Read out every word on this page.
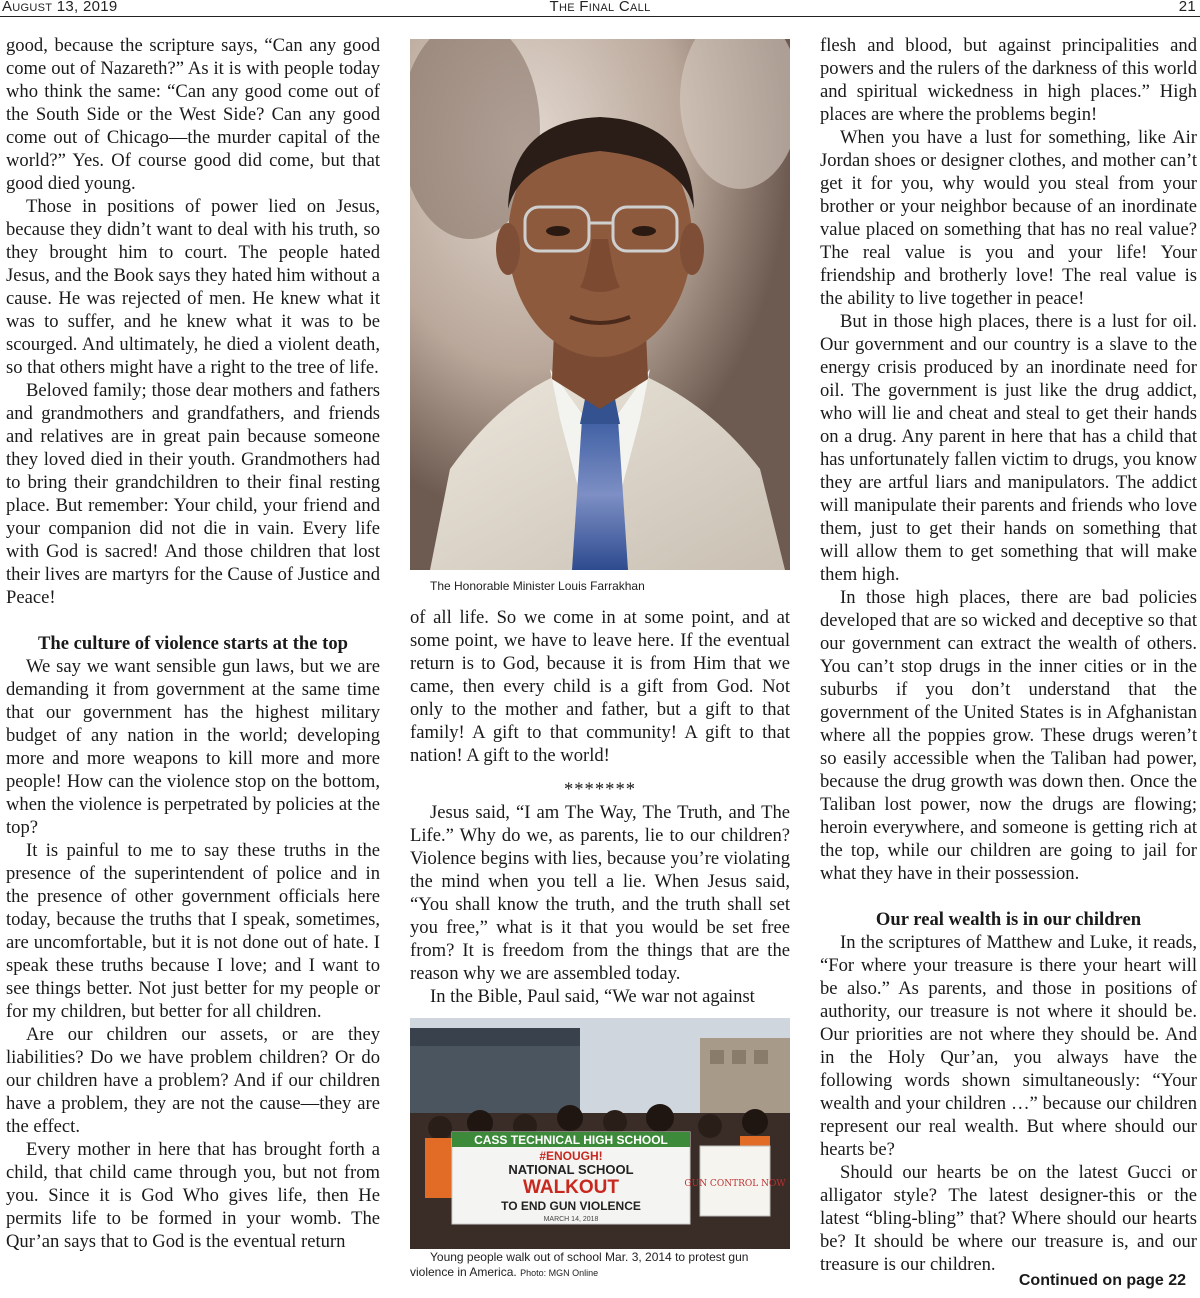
August 13, 2019	The Final Call	21

good, because the scripture says, “Can any good come out of Nazareth?” As it is with people today who think the same: “Can any good come out of the South Side or the West Side? Can any good come out of Chicago—the murder capital of the world?” Yes. Of course good did come, but that good died young.

Those in positions of power lied on Jesus, because they didn’t want to deal with his truth, so they brought him to court. The people hated Jesus, and the Book says they hated him without a cause. He was rejected of men. He knew what it was to suffer, and he knew what it was to be scourged. And ultimately, he died a violent death, so that others might have a right to the tree of life.

Beloved family; those dear mothers and fathers and grandmothers and grandfathers, and friends and relatives are in great pain because someone they loved died in their youth. Grandmothers had to bring their grandchildren to their final resting place. But remember: Your child, your friend and your companion did not die in vain. Every life with God is sacred! And those children that lost their lives are martyrs for the Cause of Justice and Peace!

The culture of violence starts at the top

We say we want sensible gun laws, but we are demanding it from government at the same time that our government has the highest military budget of any nation in the world; developing more and more weapons to kill more and more people! How can the violence stop on the bottom, when the violence is perpetrated by policies at the top?

It is painful to me to say these truths in the presence of the superintendent of police and in the presence of other government officials here today, because the truths that I speak, sometimes, are uncomfortable, but it is not done out of hate. I speak these truths because I love; and I want to see things better. Not just better for my people or for my children, but better for all children.

Are our children our assets, or are they liabilities? Do we have problem children? Or do our children have a problem? And if our children have a problem, they are not the cause—they are the effect.

Every mother in here that has brought forth a child, that child came through you, but not from you. Since it is God Who gives life, then He permits life to be formed in your womb. The Qur’an says that to God is the eventual return

The Honorable Minister Louis Farrakhan

of all life. So we come in at some point, and at some point, we have to leave here. If the eventual return is to God, because it is from Him that we came, then every child is a gift from God. Not only to the mother and father, but a gift to that family! A gift to that community! A gift to that nation! A gift to the world!

*******

Jesus said, “I am The Way, The Truth, and The Life.” Why do we, as parents, lie to our children? Violence begins with lies, because you’re violating the mind when you tell a lie. When Jesus said, “You shall know the truth, and the truth shall set you free,” what is it that you would be set free from? It is freedom from the things that are the reason why we are assembled today.

In the Bible, Paul said, “We war not against

CASS TECHNICAL HIGH SCHOOL
#ENOUGH!
NATIONAL SCHOOL
WALKOUT
TO END GUN VIOLENCE
MARCH 14, 2018
GUN CONTROL NOW

Young people walk out of school Mar. 3, 2014 to protest gun violence in America. Photo: MGN Online

flesh and blood, but against principalities and powers and the rulers of the darkness of this world and spiritual wickedness in high places.” High places are where the problems begin!

When you have a lust for something, like Air Jordan shoes or designer clothes, and mother can’t get it for you, why would you steal from your brother or your neighbor because of an inordinate value placed on something that has no real value? The real value is you and your life! Your friendship and brotherly love! The real value is the ability to live together in peace!

But in those high places, there is a lust for oil. Our government and our country is a slave to the energy crisis produced by an inordinate need for oil. The government is just like the drug addict, who will lie and cheat and steal to get their hands on a drug. Any parent in here that has a child that has unfortunately fallen victim to drugs, you know they are artful liars and manipulators. The addict will manipulate their parents and friends who love them, just to get their hands on something that will allow them to get something that will make them high.

In those high places, there are bad policies developed that are so wicked and deceptive so that our government can extract the wealth of others. You can’t stop drugs in the inner cities or in the suburbs if you don’t understand that the government of the United States is in Afghanistan where all the poppies grow. These drugs weren’t so easily accessible when the Taliban had power, because the drug growth was down then. Once the Taliban lost power, now the drugs are flowing; heroin everywhere, and someone is getting rich at the top, while our children are going to jail for what they have in their possession.

Our real wealth is in our children

In the scriptures of Matthew and Luke, it reads, “For where your treasure is there your heart will be also.” As parents, and those in positions of authority, our treasure is not where it should be. Our priorities are not where they should be. And in the Holy Qur’an, you always have the following words shown simultaneously: “Your wealth and your children …” because our children represent our real wealth. But where should our hearts be?

Should our hearts be on the latest Gucci or alligator style? The latest designer-this or the latest “bling-bling” that? Where should our hearts be? It should be where our treasure is, and our treasure is our children.

Continued on page 22
